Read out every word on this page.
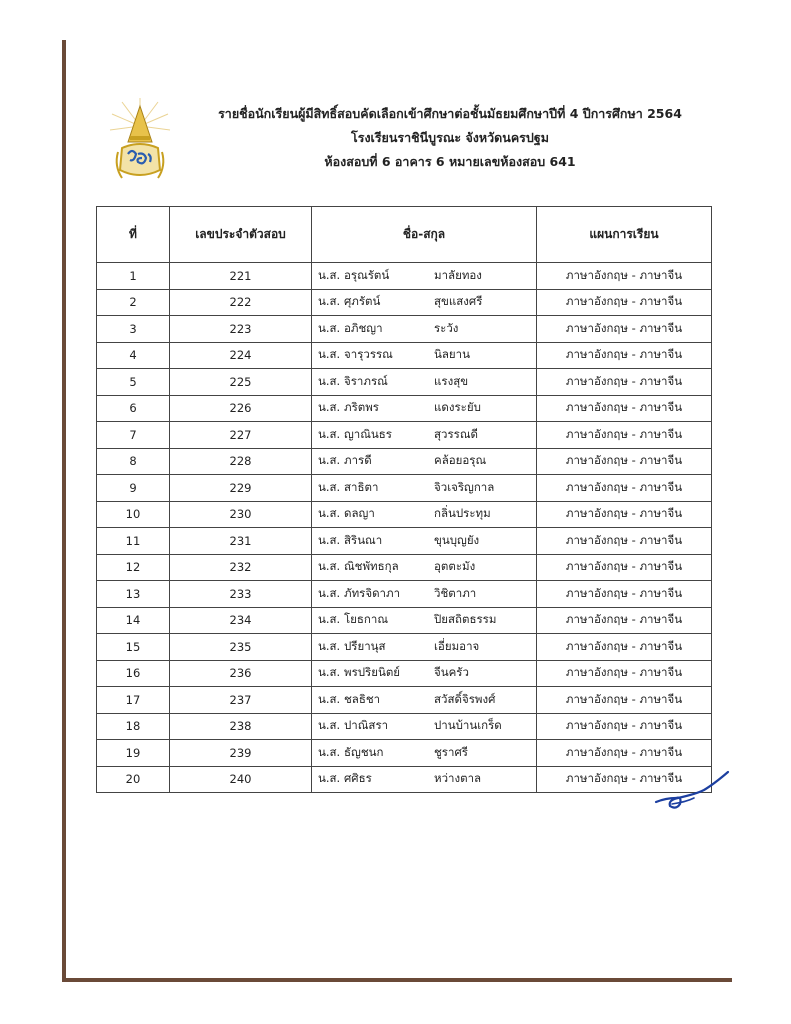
รายชื่อนักเรียนผู้มีสิทธิ์สอบคัดเลือกเข้าศึกษาต่อชั้นมัธยมศึกษาปีที่ 4 ปีการศึกษา 2564
โรงเรียนราชินีบูรณะ จังหวัดนครปฐม
ห้องสอบที่ 6 อาคาร 6 หมายเลขห้องสอบ 641
ที่	เลขประจำตัวสอบ	ชื่อ-สกุล	แผนการเรียน
1	221	น.ส. อรุณรัตน์ มาลัยทอง	ภาษาอังกฤษ - ภาษาจีน
2	222	น.ส. ศุภรัตน์ สุขแสงศรี	ภาษาอังกฤษ - ภาษาจีน
3	223	น.ส. อภิชญา ระวัง	ภาษาอังกฤษ - ภาษาจีน
4	224	น.ส. จารุวรรณ นิลยาน	ภาษาอังกฤษ - ภาษาจีน
5	225	น.ส. จิราภรณ์ แรงสุข	ภาษาอังกฤษ - ภาษาจีน
6	226	น.ส. ภริตพร แดงระยับ	ภาษาอังกฤษ - ภาษาจีน
7	227	น.ส. ญาณินธร สุวรรณดี	ภาษาอังกฤษ - ภาษาจีน
8	228	น.ส. ภารดี คล้อยอรุณ	ภาษาอังกฤษ - ภาษาจีน
9	229	น.ส. สาธิตา จิวเจริญกาล	ภาษาอังกฤษ - ภาษาจีน
10	230	น.ส. ดลญา กลิ่นประทุม	ภาษาอังกฤษ - ภาษาจีน
11	231	น.ส. สิรินณา ขุนบุญยัง	ภาษาอังกฤษ - ภาษาจีน
12	232	น.ส. ณิชพัทธกุล อุตตะมัง	ภาษาอังกฤษ - ภาษาจีน
13	233	น.ส. ภัทรจิดาภา วิชิตาภา	ภาษาอังกฤษ - ภาษาจีน
14	234	น.ส. โยธกาณ ปิยสถิตธรรม	ภาษาอังกฤษ - ภาษาจีน
15	235	น.ส. ปรียานุส เอี่ยมอาจ	ภาษาอังกฤษ - ภาษาจีน
16	236	น.ส. พรปริยนิตย์ จีนครัว	ภาษาอังกฤษ - ภาษาจีน
17	237	น.ส. ชลธิชา สวัสดิ์จิรพงศ์	ภาษาอังกฤษ - ภาษาจีน
18	238	น.ส. ปาณิสรา ปานบ้านเกร็ด	ภาษาอังกฤษ - ภาษาจีน
19	239	น.ส. ธัญชนก ชูราศรี	ภาษาอังกฤษ - ภาษาจีน
20	240	น.ส. ศศิธร หว่างตาล	ภาษาอังกฤษ - ภาษาจีน
